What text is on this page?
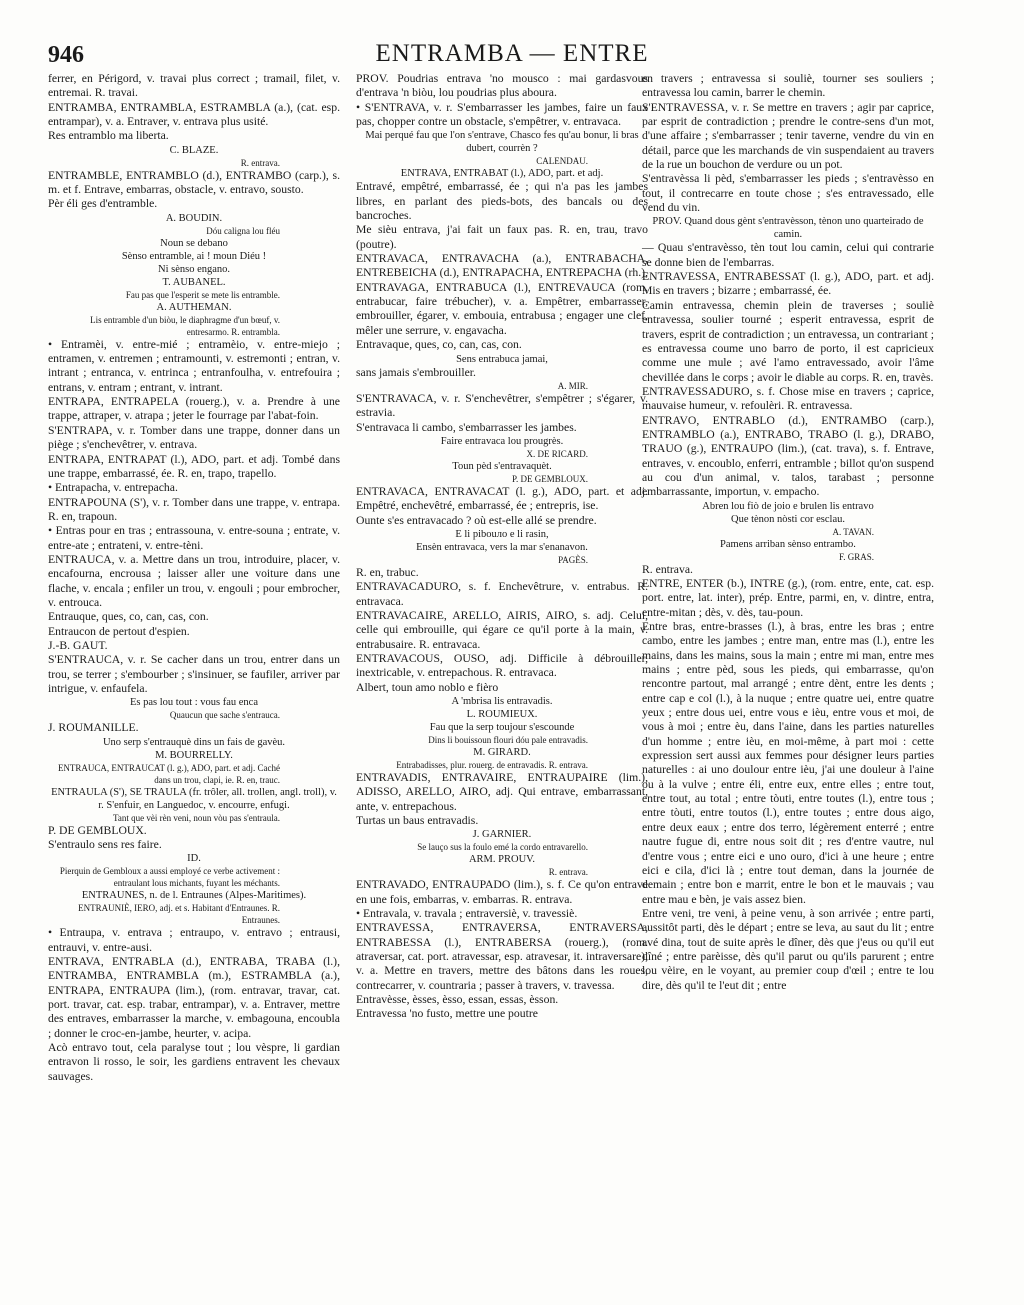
946	ENTRAMBA — ENTRE

ferrer, en Périgord, v. travai plus correct ; tramail, filet, v. entremai. R. travai.

ENTRAMBA, ENTRAMBLA, ESTRAMBLA (a.), (cat. esp. entrampar), v. a. Entraver, v. entrava plus usité.

Res entramblo ma liberta.

C. BLAZE.

R. entrava.

ENTRAMBLE, ENTRAMBLO (d.), ENTRAMBO (carp.), s. m. et f. Entrave, embarras, obstacle, v. entravo, sousto.

Pèr éli ges d'entramble.

A. BOUDIN.

Dóu caligna lou fléu

Noun se debano

Sènso entramble, ai ! moun Diéu !

Ni sènso engano.

T. AUBANEL.

Fau pas que l'esperit se mete lis entramble.

A. AUTHEMAN.

Lis entramble d'un biòu, le diaphragme d'un bœuf, v. entresarmo. R. entrambla.

• Entramèi, v. entre-mié ; entramèio, v. entre-miejo ; entramen, v. entremen ; entramounti, v. estremonti ; entran, v. intrant ; entranca, v. entrinca ; entranfoulha, v. entrefouira ; entrans, v. entram ; entrant, v. intrant.

ENTRAPA, ENTRAPELA (rouerg.), v. a. Prendre à une trappe, attraper, v. atrapa ; jeter le fourrage par l'abat-foin.

S'ENTRAPA, v. r. Tomber dans une trappe, donner dans un piège ; s'enchevêtrer, v. entrava.

ENTRAPA, ENTRAPAT (l.), ADO, part. et adj. Tombé dans une trappe, embarrassé, ée. R. en, trapo, trapello.

• Entrapacha, v. entrepacha.

ENTRAPOUNA (S'), v. r. Tomber dans une trappe, v. entrapa. R. en, trapoun.

• Entras pour en tras ; entrassouna, v. entre-souna ; entrate, v. entre-ate ; entrateni, v. entre-tèni.

ENTRAUCA, v. a. Mettre dans un trou, introduire, placer, v. encafourna, encrousa ; laisser aller une voiture dans une flache, v. encala ; enfiler un trou, v. engouli ; pour embrocher, v. entrouca.

Entrauque, ques, co, can, cas, con.

Entraucon de pertout d'espien.

J.-B. GAUT.

S'ENTRAUCA, v. r. Se cacher dans un trou, entrer dans un trou, se terrer ; s'embourber ; s'insinuer, se faufiler, arriver par intrigue, v. enfaufela.

Es pas lou tout : vous fau enca

Quaucun que sache s'entrauca.

J. ROUMANILLE.

Uno serp s'entrauquè dins un fais de gavèu.

M. BOURRELLY.

ENTRAUCA, ENTRAUCAT (l. g.), ADO, part. et adj. Caché dans un trou, clapi, ie. R. en, trauc.

ENTRAULA (S'), SE TRAULA (fr. trôler, all. trollen, angl. troll), v. r. S'enfuir, en Languedoc, v. encourre, enfugi.

Tant que vèi rèn veni, noun vòu pas s'entraula.

P. DE GEMBLOUX.

S'entraulo sens res faire.

ID.

Pierquin de Gembloux a aussi employé ce verbe activement : entraulant lous michants, fuyant les méchants.

ENTRAUNES, n. de l. Entraunes (Alpes-Maritimes).

ENTRAUNIÈ, IERO, adj. et s. Habitant d'Entraunes. R. Entraunes.

• Entraupa, v. entrava ; entraupo, v. entravo ; entrausi, entrauvi, v. entre-ausi.

ENTRAVA, ENTRABLA (d.), ENTRABA, TRABA (l.), ENTRAMBA, ENTRAMBLA (m.), ESTRAMBLA (a.), ENTRAPA, ENTRAUPA (lim.), (rom. entravar, travar, cat. port. travar, cat. esp. trabar, entrampar), v. a. Entraver, mettre des entraves, embarrasser la marche, v. embagouna, encoubla ; donner le croc-en-jambe, heurter, v. acipa.

Acò entravo tout, cela paralyse tout ; lou vèspre, li gardian entravon li rosso, le soir, les gardiens entravent les chevaux sauvages.

PROV. Poudrias entrava 'no mousco : mai gardasvous d'entrava 'n biòu, lou poudrias plus aboura.

• S'ENTRAVA, v. r. S'embarrasser les jambes, faire un faux pas, chopper contre un obstacle, s'empêtrer, v. entravaca.

Mai perqué fau que l'on s'entrave, Chasco fes qu'au bonur, li bras dubert, courrèn ?

CALENDAU.

ENTRAVA, ENTRABAT (l.), ADO, part. et adj.

Entravé, empêtré, embarrassé, ée ; qui n'a pas les jambes libres, en parlant des pieds-bots, des bancals ou des bancroches.

Me sièu entrava, j'ai fait un faux pas. R. en, trau, travo (poutre).

ENTRAVACA, ENTRAVACHA (a.), ENTRABACHA, ENTREBEICHA (d.), ENTRAPACHA, ENTREPACHA (rh.), ENTRAVAGA, ENTRABUCA (l.), ENTREVAUCA (rom. entrabucar, faire trébucher), v. a. Empêtrer, embarrasser, embrouiller, égarer, v. embouia, entrabusa ; engager une clef, mêler une serrure, v. engavacha.

Entravaque, ques, co, can, cas, con.

Sens entrabuca jamai,

sans jamais s'embrouiller.

A. MIR.

S'ENTRAVACA, v. r. S'enchevêtrer, s'empêtrer ; s'égarer, v. estravia.

S'entravaca li cambo, s'embarrasser les jambes.

Faire entravaca lou prougrès.

X. DE RICARD.

Toun pèd s'entravaquèt.

P. DE GEMBLOUX.

ENTRAVACA, ENTRAVACAT (l. g.), ADO, part. et adj. Empêtré, enchevêtré, embarrassé, ée ; entrepris, ise.

Ounte s'es entravacado ? où est-elle allé se prendre.

E li pibouло e li rasin,

Ensèn entravaca, vers la mar s'enanavon.

PAGÈS.

R. en, trabuc.

ENTRAVACADURO, s. f. Enchevêtrure, v. entrabus. R. entravaca.

ENTRAVACAIRE, ARELLO, AIRIS, AIRO, s. adj. Celui, celle qui embrouille, qui égare ce qu'il porte à la main, v. entrabusaire. R. entravaca.

ENTRAVACOUS, OUSO, adj. Difficile à débrouiller, inextricable, v. entrepachous. R. entravaca.

Albert, toun amo noblo e fièro

A 'mbrisa lis entravadis.

L. ROUMIEUX.

Fau que la serp toujour s'escounde

Dins li bouissoun flouri dóu pale entravadis.

M. GIRARD.

Entrabadisses, plur. rouerg. de entravadis. R. entrava.

ENTRAVADIS, ENTRAVAIRE, ENTRAUPAIRE (lim.), ADISSO, ARELLO, AIRO, adj. Qui entrave, embarrassant, ante, v. entrepachous.

Turtas un baus entravadis.

J. GARNIER.

Se lauço sus la foulo emé la cordo entravarello.

ARM. PROUV.

R. entrava.

ENTRAVADO, ENTRAUPADO (lim.), s. f. Ce qu'on entrave en une fois, embarras, v. embarras. R. entrava.

• Entravala, v. travala ; entraversiè, v. travessiè.

ENTRAVESSA, ENTRAVERSA, ENTRAVERSA, ENTRABESSA (l.), ENTRABERSA (rouerg.), (rom. atraversar, cat. port. atravessar, esp. atravesar, it. intraversare), v. a. Mettre en travers, mettre des bâtons dans les roues, contrecarrer, v. countraria ; passer à travers, v. travessa.

Entravèsse, èsses, èsso, essan, essas, èsson.

Entravessa 'no fusto, mettre une poutre

en travers ; entravessa si souliè, tourner ses souliers ; entravessa lou camin, barrer le chemin.

S'ENTRAVESSA, v. r. Se mettre en travers ; agir par caprice, par esprit de contradiction ; prendre le contre-sens d'un mot, d'une affaire ; s'embarrasser ; tenir taverne, vendre du vin en détail, parce que les marchands de vin suspendaient au travers de la rue un bouchon de verdure ou un pot.

S'entravèssa li pèd, s'embarrasser les pieds ; s'entravèsso en tout, il contrecarre en toute chose ; s'es entravessado, elle vend du vin.

PROV. Quand dous gènt s'entravèsson, tènon uno quarteirado de camin.

— Quau s'entravèsso, tèn tout lou camin, celui qui contrarie se donne bien de l'embarras.

ENTRAVESSA, ENTRABESSAT (l. g.), ADO, part. et adj. Mis en travers ; bizarre ; embarrassé, ée.

Camin entravessa, chemin plein de traverses ; souliè entravessa, soulier tourné ; esperit entravessa, esprit de travers, esprit de contradiction ; un entravessa, un contrariant ; es entravessa coume uno barro de porto, il est capricieux comme une mule ; avé l'amo entravessado, avoir l'âme chevillée dans le corps ; avoir le diable au corps. R. en, travès.

ENTRAVESSADURO, s. f. Chose mise en travers ; caprice, mauvaise humeur, v. refoulèri. R. entravessa.

ENTRAVO, ENTRABLO (d.), ENTRAMBO (carp.), ENTRAMBLO (a.), ENTRABO, TRABO (l. g.), DRABO, TRAUO (g.), ENTRAUPO (lim.), (cat. trava), s. f. Entrave, entraves, v. encoublo, enferri, entramble ; billot qu'on suspend au cou d'un animal, v. talos, tarabast ; personne embarrassante, importun, v. empacho.

Abren lou fiò de joio e brulen lis entravo

Que tènon nòsti cor esclau.

A. TAVAN.

Pamens arriban sènso entrambo.

F. GRAS.

R. entrava.

ENTRE, ENTER (b.), INTRE (g.), (rom. entre, ente, cat. esp. port. entre, lat. inter), prép. Entre, parmi, en, v. dintre, entra, entre-mitan ; dès, v. dès, tau-poun.

Entre bras, entre-brasses (l.), à bras, entre les bras ; entre cambo, entre les jambes ; entre man, entre mas (l.), entre les mains, dans les mains, sous la main ; entre mi man, entre mes mains ; entre pèd, sous les pieds, qui embarrasse, qu'on rencontre partout, mal arrangé ; entre dènt, entre les dents ; entre cap e col (l.), à la nuque ; entre quatre uei, entre quatre yeux ; entre dous uei, entre vous e ièu, entre vous et moi, de vous à moi ; entre èu, dans l'aine, dans les parties naturelles d'un homme ; entre ièu, en moi-même, à part moi : cette expression sert aussi aux femmes pour désigner leurs parties naturelles : ai uno doulour entre ièu, j'ai une douleur à l'aine ou à la vulve ; entre éli, entre eux, entre elles ; entre tout, entre tout, au total ; entre tòuti, entre toutes (l.), entre tous ; entre tòuti, entre toutos (l.), entre toutes ; entre dous aigo, entre deux eaux ; entre dos terro, légèrement enterré ; entre nautre fugue di, entre nous soit dit ; res d'entre vautre, nul d'entre vous ; entre eici e uno ouro, d'ici à une heure ; entre eici e cila, d'ici là ; entre tout deman, dans la journée de demain ; entre bon e marrit, entre le bon et le mauvais ; vau entre mau e bèn, je vais assez bien.

Entre veni, tre veni, à peine venu, à son arrivée ; entre parti, aussitôt parti, dès le départ ; entre se leva, au saut du lit ; entre avé dina, tout de suite après le dîner, dès que j'eus ou qu'il eut dîné ; entre parèisse, dès qu'il parut ou qu'ils parurent ; entre lou vèire, en le voyant, au premier coup d'œil ; entre te lou dire, dès qu'il te l'eut dit ; entre
